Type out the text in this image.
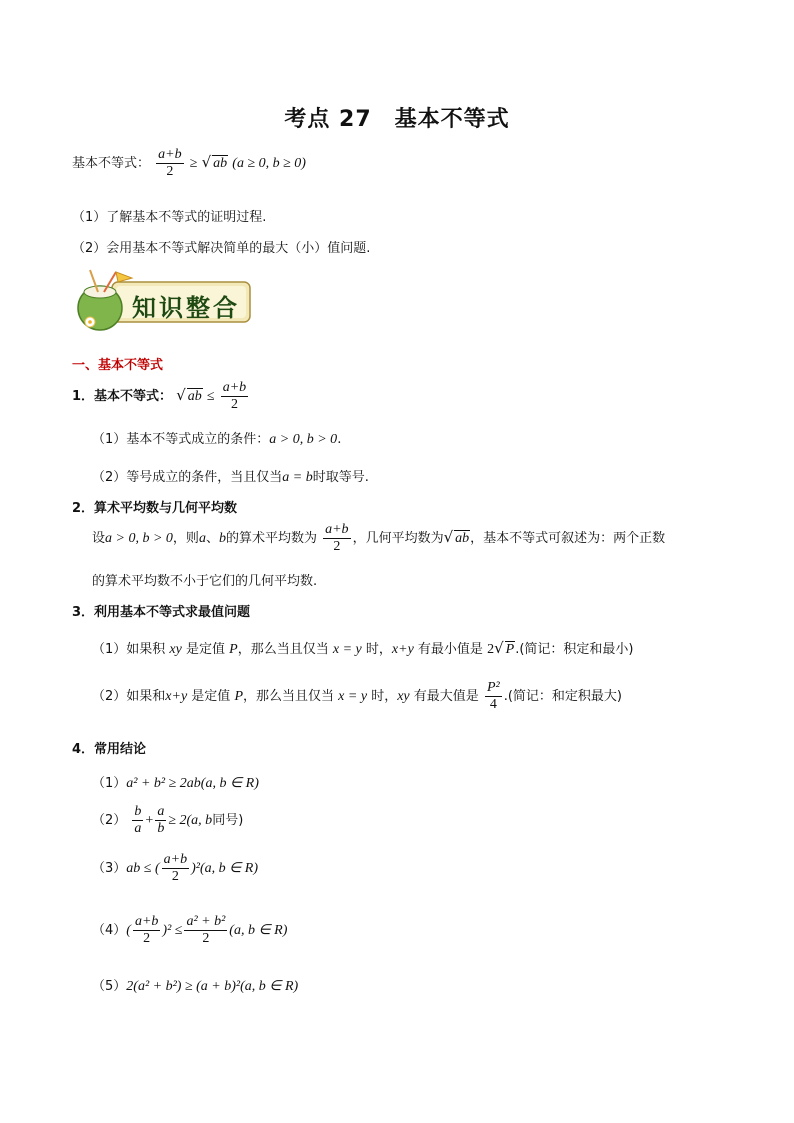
考点 27　基本不等式
基本不等式： $\frac{a+b}{2}$ ≥ √ ab (a ≥ 0, b ≥ 0)
（1）了解基本不等式的证明过程.
（2）会用基本不等式解决简单的最大（小）值问题.
知识整合
一、基本不等式
1．基本不等式： √ ab ≤ $\frac{a+b}{2}$
（1）基本不等式成立的条件：a > 0, b > 0.
（2）等号成立的条件，当且仅当a = b时取等号.
2．算术平均数与几何平均数
设a > 0, b > 0，则a、b的算术平均数为 $\frac{a+b}{2}$ ，几何平均数为√ ab，基本不等式可叙述为：两个正数
的算术平均数不小于它们的几何平均数.
3．利用基本不等式求最值问题
（1）如果积 xy 是定值 P，那么当且仅当 x = y 时，x+y 有最小值是 2√ P.(简记：积定和最小)
（2）如果和x+y 是定值 P，那么当且仅当 x = y 时，xy 有最大值是 $\frac{\text{P²}}{4}$ .(简记：和定积最大)
4．常用结论
（1）a² + b² ≥ 2ab(a, b ∈ R)
$(2) \frac{b}{a} + \frac{a}{b} \ge 2(a$, b同号)
（3）ab ≤ ( $\frac{a+b}{2} )^2(a$, b ∈ R)
$(4)( \frac{a+b}{2} )^2 \le \frac{\text{a² + b²}}{2} (a$, b ∈ R)
（5）2(a² + b²) ≥ (a + b)²(a, b ∈ R)
